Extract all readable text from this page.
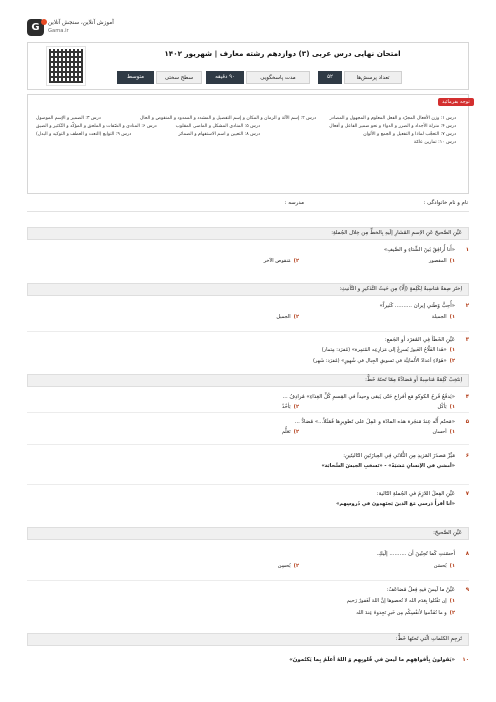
G	آموزش آنلاین، سنجش آنلاین
Gama.ir
امتحان نهایی درس عربی (۳) دوازدهم رشته معارف | شهریور ۱۴۰۲
تعداد پرسش‌ها
۵۲
مدت پاسخگویی
۹۰ دقیقه
سطح سختی
متوسط
توجه بفرمائید
درس ۱: وزن الأفعال المجرّد و الفعل المعلوم و المجهول و المصادر
درس ۴: منزلة الأجداد و الضرر و الدواء و نحو ضمیر الفاعل و أفعال
درس ۷: التعجّب لماذا و التفعیل و الجمع و الألوان
درس ۱۰: تمارین عامّة
درس ۲: إسم الآلة و الزمان و المکان و إسم التفضیل و المشدد و الممدود و المنقوص و الحال
درس ۵: المنادی المشکل و الماضی المقلوب
درس ۸: التعیین و اسم الاستفهام و الضمائر
درس ۳: الضمیر و الإسم الموصول
درس ۶: المنادی و الصّفات و الملحق و المؤكّد و التّكثیر و الضیق
درس ۹: التوابع (النعت و العطف و التوكید و البدل)
نام و نام خانوادگی :
مدرسه :
عَیِّنِ الصَّحیحَ عَنِ الاِسمِ المُشارِ إلَیهِ بِالخطِّ مِن خِلال الجُملةِ:
۱
«أَنا أُرافِقُ بَينَ الشِّتاءِ و الصَّيفِ»
۱)المقصور
۲)مَنقوص الآخر
اِختَر صِفةً مُناسِبةً لِکَلِمةٍ (إلَّا) مِن حَیثُ التَّذکیرِ و التَّأنیثِ:
۲
«أُحِبُّ وَطَني إيران .......... كَثيراً»
۱)الجميلة
۲)الجميل
۳
عَيِّنِ الخَطَأ فِي المُفرَد أو الجَمع:
۱)«هَذا الفَلَّاحُ الغَيورُ يُسرِعُ إلى مَزارِعِه المُثمِرة» (مُفرَد: مِثمار)
۲)«هَؤلاءِ أعدادُ الأَلمانِيَّة في تَسويقِ الجِبال في شُهورٍ» (مُفرَد: شَهر)
اِنتَخِبْ کَلِمَةً مُناسِبةً أو مُضادَّةً مِمّا تَحتَهُ خَطٌّ:
۴
«يَدفَعُ فَرحُ الكوكو مَع أفراخِ حَتّى يَبقى وحيداً في القِسمِ كُلِّ الغِذاءِ» مُرادِفُ ...
۱)يَأكُل
۲)يَأخُذُ
۵
«مَحتُم أَنَّه عِندَ مَنجَرة هذه المادّة و عَمِلَ على تَطويرِها فَمَثَلاً...» مُضادُّ ...
۱)أحسان
۲)تَعَلُّم
۶
مَيِّزْ مَصدَرَ المَزيدِ مِن الثُّلاثي فِي العِبارَتَينِ التّاليتَينِ:
«أمشي في الإنسانِ مَشيَةً» - «تَسحَبِ الجيشَ السَّحابَة»
۷
عَيِّنِ الفِعلَ اللازِمَ في الجُملةِ التّالية:
«أنا أقرأُ دَرسي مَعَ الذينَ يَجتَهِدونَ في دُروسِهم»
عَیِّنِ الصَّحیحَ:
۸
أحسَنتِ كَما تُحِبّينَ أن .......... إلَيكِ.
۱)يُحسَن
۲)يُحسِن
۹
عَيِّنْ ما لَيسَ فيهِ فِعلٌ مُضاعَفٌ:
۱)إن تَقْتُلوا بِعَدَم الله لا تُحصوها إنَّ اللهَ لَغَفورٌ رَحيم
۲)و ما تُقَدِّموا لأنفُسِكُم مِن خَيرٍ تَجِدوهُ عِندَ الله
تَرجِمِ الکلماتِ الّتي تَحتَها خَطٌّ:
۱۰
«يَقولونَ بِأفواهِهِم ما لَيسَ في قُلوبِهِم وَ اللهُ أعلَمُ بِما يَكتُمونَ»
